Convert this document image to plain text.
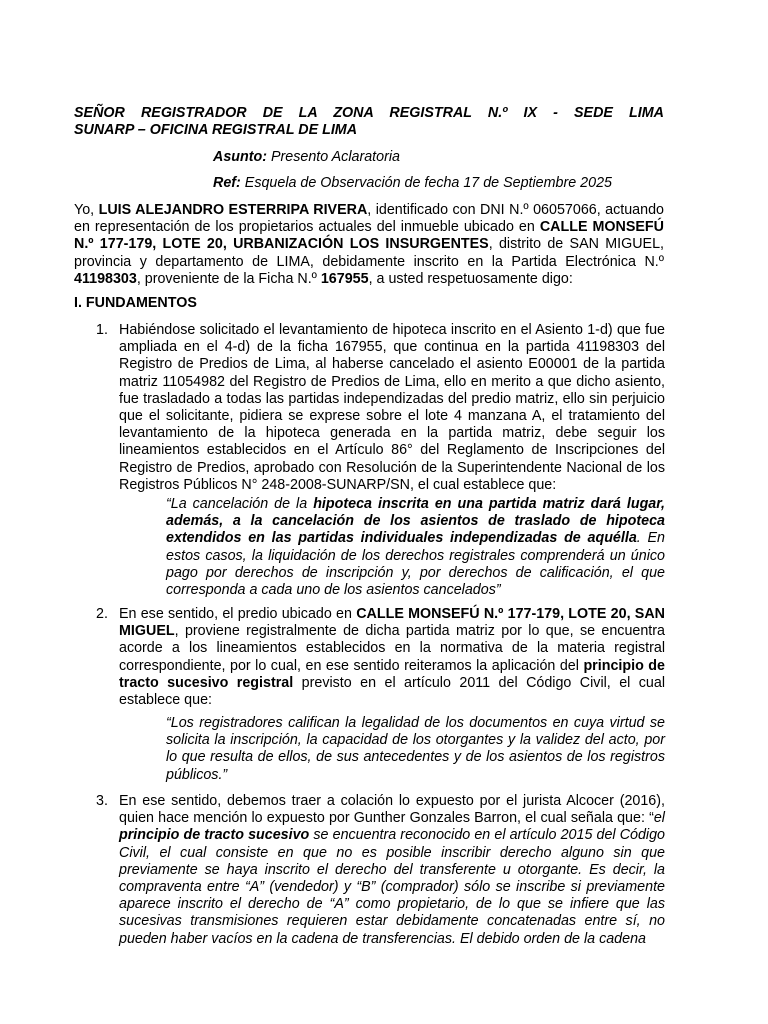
SEÑOR REGISTRADOR DE LA ZONA REGISTRAL N.º IX - SEDE LIMA
SUNARP – OFICINA REGISTRAL DE LIMA

Asunto: Presento Aclaratoria

Ref: Esquela de Observación de fecha 17 de Septiembre 2025

Yo, LUIS ALEJANDRO ESTERRIPA RIVERA, identificado con DNI N.º 06057066, actuando en representación de los propietarios actuales del inmueble ubicado en CALLE MONSEFÚ N.º 177-179, LOTE 20, URBANIZACIÓN LOS INSURGENTES, distrito de SAN MIGUEL, provincia y departamento de LIMA, debidamente inscrito en la Partida Electrónica N.º 41198303, proveniente de la Ficha N.º 167955, a usted respetuosamente digo:

I. FUNDAMENTOS

1. Habiéndose solicitado el levantamiento de hipoteca inscrito en el Asiento 1-d) que fue ampliada en el 4-d) de la ficha 167955, que continua en la partida 41198303 del Registro de Predios de Lima, al haberse cancelado el asiento E00001 de la partida matriz 11054982 del Registro de Predios de Lima, ello en merito a que dicho asiento, fue trasladado a todas las partidas independizadas del predio matriz, ello sin perjuicio que el solicitante, pidiera se exprese sobre el lote 4 manzana A, el tratamiento del levantamiento de la hipoteca generada en la partida matriz, debe seguir los lineamientos establecidos en el Artículo 86° del Reglamento de Inscripciones del Registro de Predios, aprobado con Resolución de la Superintendente Nacional de los Registros Públicos N° 248-2008-SUNARP/SN, el cual establece que:

“La cancelación de la hipoteca inscrita en una partida matriz dará lugar, además, a la cancelación de los asientos de traslado de hipoteca extendidos en las partidas individuales independizadas de aquélla. En estos casos, la liquidación de los derechos registrales comprenderá un único pago por derechos de inscripción y, por derechos de calificación, el que corresponda a cada uno de los asientos cancelados”

2. En ese sentido, el predio ubicado en CALLE MONSEFÚ N.º 177-179, LOTE 20, SAN MIGUEL, proviene registralmente de dicha partida matriz por lo que, se encuentra acorde a los lineamientos establecidos en la normativa de la materia registral correspondiente, por lo cual, en ese sentido reiteramos la aplicación del principio de tracto sucesivo registral previsto en el artículo 2011 del Código Civil, el cual establece que:

“Los registradores califican la legalidad de los documentos en cuya virtud se solicita la inscripción, la capacidad de los otorgantes y la validez del acto, por lo que resulta de ellos, de sus antecedentes y de los asientos de los registros públicos.”

3. En ese sentido, debemos traer a colación lo expuesto por el jurista Alcocer (2016), quien hace mención lo expuesto por Gunther Gonzales Barron, el cual señala que: “el principio de tracto sucesivo se encuentra reconocido en el artículo 2015 del Código Civil, el cual consiste en que no es posible inscribir derecho alguno sin que previamente se haya inscrito el derecho del transferente u otorgante. Es decir, la compraventa entre “A” (vendedor) y “B” (comprador) sólo se inscribe si previamente aparece inscrito el derecho de “A” como propietario, de lo que se infiere que las sucesivas transmisiones requieren estar debidamente concatenadas entre sí, no pueden haber vacíos en la cadena de transferencias. El debido orden de la cadena
